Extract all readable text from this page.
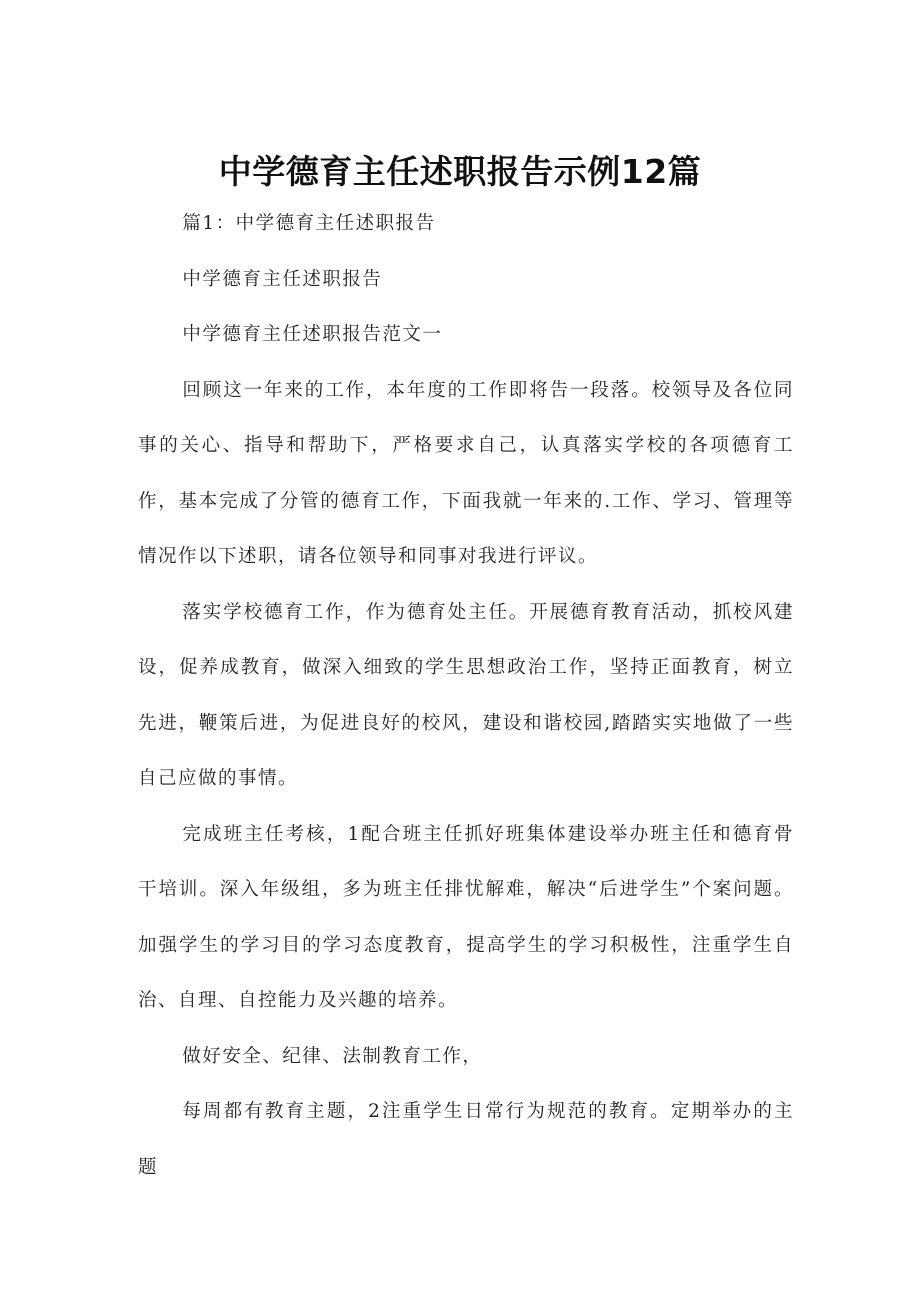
中学德育主任述职报告示例12篇

篇1：中学德育主任述职报告

中学德育主任述职报告

中学德育主任述职报告范文一

回顾这一年来的工作，本年度的工作即将告一段落。校领导及各位同事的关心、指导和帮助下，严格要求自己，认真落实学校的各项德育工作，基本完成了分管的德育工作，下面我就一年来的.工作、学习、管理等情况作以下述职，请各位领导和同事对我进行评议。

落实学校德育工作，作为德育处主任。开展德育教育活动，抓校风建设，促养成教育，做深入细致的学生思想政治工作，坚持正面教育，树立先进，鞭策后进，为促进良好的校风，建设和谐校园,踏踏实实地做了一些自己应做的事情。

完成班主任考核，1配合班主任抓好班集体建设举办班主任和德育骨干培训。深入年级组，多为班主任排忧解难，解决“后进学生”个案问题。加强学生的学习目的学习态度教育，提高学生的学习积极性，注重学生自治、自理、自控能力及兴趣的培养。

做好安全、纪律、法制教育工作，

每周都有教育主题，2注重学生日常行为规范的教育。定期举办的主题
